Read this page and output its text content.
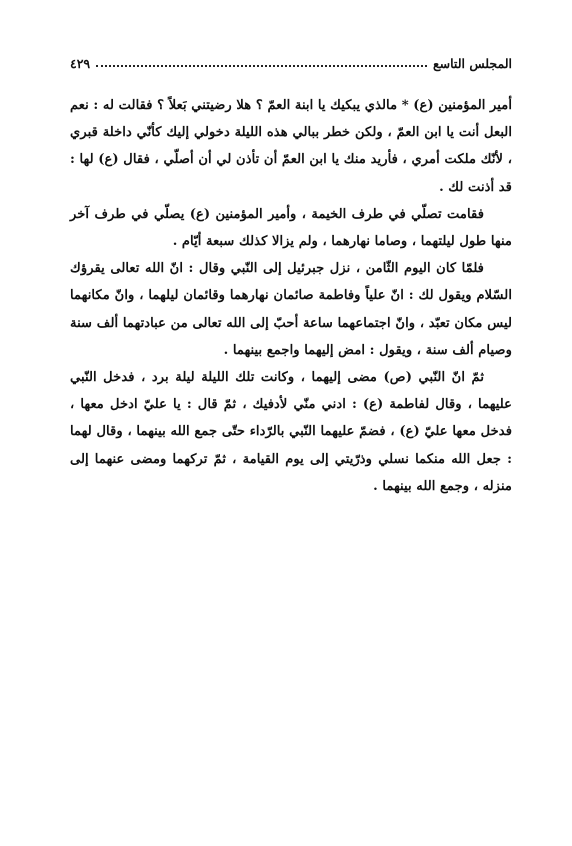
المجلس التاسع
٤٢٩

أمير المؤمنين (ع) * مالذي يبكيك يا ابنة العمّ ؟ هلا رضيتني بَعلاً ؟ فقالت له : نعم البعل أنت يا ابن العمّ ، ولكن خطر ببالي هذه الليلة دخولي إليك كأنّي داخلة قبري ، لأنّك ملكت أمري ، فأريد منك يا ابن العمّ أن تأذن لي أن أصلّي ، فقال (ع) لها : قد أذنت لك .

فقامت تصلّي في طرف الخيمة ، وأمير المؤمنين (ع) يصلّي في طرف آخر منها طول ليلتهما ، وصاما نهارهما ، ولم يزالا كذلك سبعة أيّام .

فلمّا كان اليوم الثّامن ، نزل جبرئيل إلى النّبي وقال : انّ الله تعالى يقرؤك السّلام ويقول لك : انّ علياً وفاطمة صائمان نهارهما وقائمان ليلهما ، وانّ مكانهما ليس مكان تعبّد ، وانّ اجتماعهما ساعة أحبّ إلى الله تعالى من عبادتهما ألف سنة وصيام ألف سنة ، ويقول : امض إليهما واجمع بينهما .

ثمّ انّ النّبي (ص) مضى إليهما ، وكانت تلك الليلة ليلة برد ، فدخل النّبي عليهما ، وقال لفاطمة (ع) : ادني منّي لأدفيك ، ثمّ قال : يا عليّ ادخل معها ، فدخل معها عليّ (ع) ، فضمّ عليهما النّبي بالرّداء حتّى جمع الله بينهما ، وقال لهما : جعل الله منكما نسلي وذرّيتي إلى يوم القيامة ، ثمّ تركهما ومضى عنهما إلى منزله ، وجمع الله بينهما .
